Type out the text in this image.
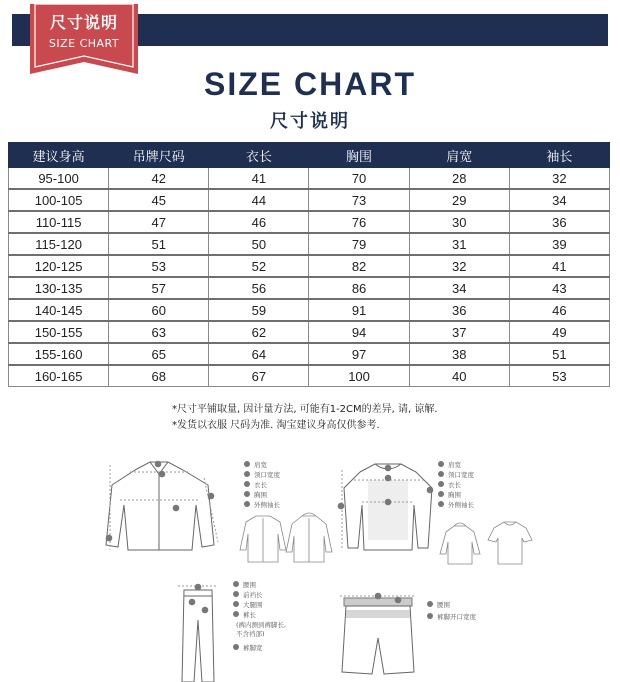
尺寸说明
SIZE CHART
SIZE CHART
尺寸说明
建议身高	吊牌尺码	衣长	胸围	肩宽	袖长
95-100	42	41	70	28	32
100-105	45	44	73	29	34
110-115	47	46	76	30	36
115-120	51	50	79	31	39
120-125	53	52	82	32	41
130-135	57	56	86	34	43
140-145	60	59	91	36	46
150-155	63	62	94	37	49
155-160	65	64	97	38	51
160-165	68	67	100	40	53
*尺寸平铺取量, 因计量方法, 可能有1-2CM的差异, 请, 谅解.
*发货以衣服 尺码为准. 淘宝建议身高仅供参考.
肩宽
领口宽度
衣长
胸围
外侧袖长
肩宽
领口宽度
衣长
胸围
外侧袖长
腰围
前裆长
大腿围
裤长
(裤内测到裤脚长,
不含裆部)
裤脚宽
腰围
裤脚开口宽度
